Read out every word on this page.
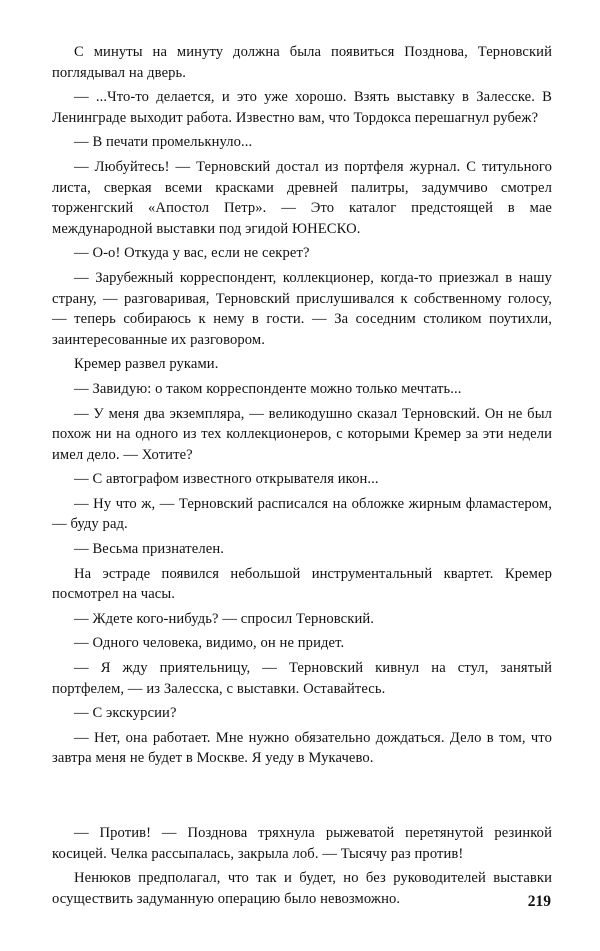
С минуты на минуту должна была появиться Позднова, Терновский поглядывал на дверь.

— ...Что-то делается, и это уже хорошо. Взять выставку в Залесске. В Ленинграде выходит работа. Известно вам, что Тордокса перешагнул рубеж?

— В печати промелькнуло...

— Любуйтесь! — Терновский достал из портфеля журнал. С титульного листа, сверкая всеми красками древней палитры, задумчиво смотрел торженгский «Апостол Петр». — Это каталог предстоящей в мае международной выставки под эгидой ЮНЕСКО.

— О-о! Откуда у вас, если не секрет?

— Зарубежный корреспондент, коллекционер, когда-то приезжал в нашу страну, — разговаривая, Терновский прислушивался к собственному голосу, — теперь собираюсь к нему в гости. — За соседним столиком поутихли, заинтересованные их разговором.

Кремер развел руками.

— Завидую: о таком корреспонденте можно только мечтать...

— У меня два экземпляра, — великодушно сказал Терновский. Он не был похож ни на одного из тех коллекционеров, с которыми Кремер за эти недели имел дело. — Хотите?

— С автографом известного открывателя икон...

— Ну что ж, — Терновский расписался на обложке жирным фламастером, — буду рад.

— Весьма признателен.

На эстраде появился небольшой инструментальный квартет. Кремер посмотрел на часы.

— Ждете кого-нибудь? — спросил Терновский.

— Одного человека, видимо, он не придет.

— Я жду приятельницу, — Терновский кивнул на стул, занятый портфелем, — из Залесска, с выставки. Оставайтесь.

— С экскурсии?

— Нет, она работает. Мне нужно обязательно дождаться. Дело в том, что завтра меня не будет в Москве. Я уеду в Мукачево.

— Против! — Позднова тряхнула рыжеватой перетянутой резинкой косицей. Челка рассыпалась, закрыла лоб. — Тысячу раз против!

Ненюков предполагал, что так и будет, но без руководителей выставки осуществить задуманную операцию было невозможно.	219
